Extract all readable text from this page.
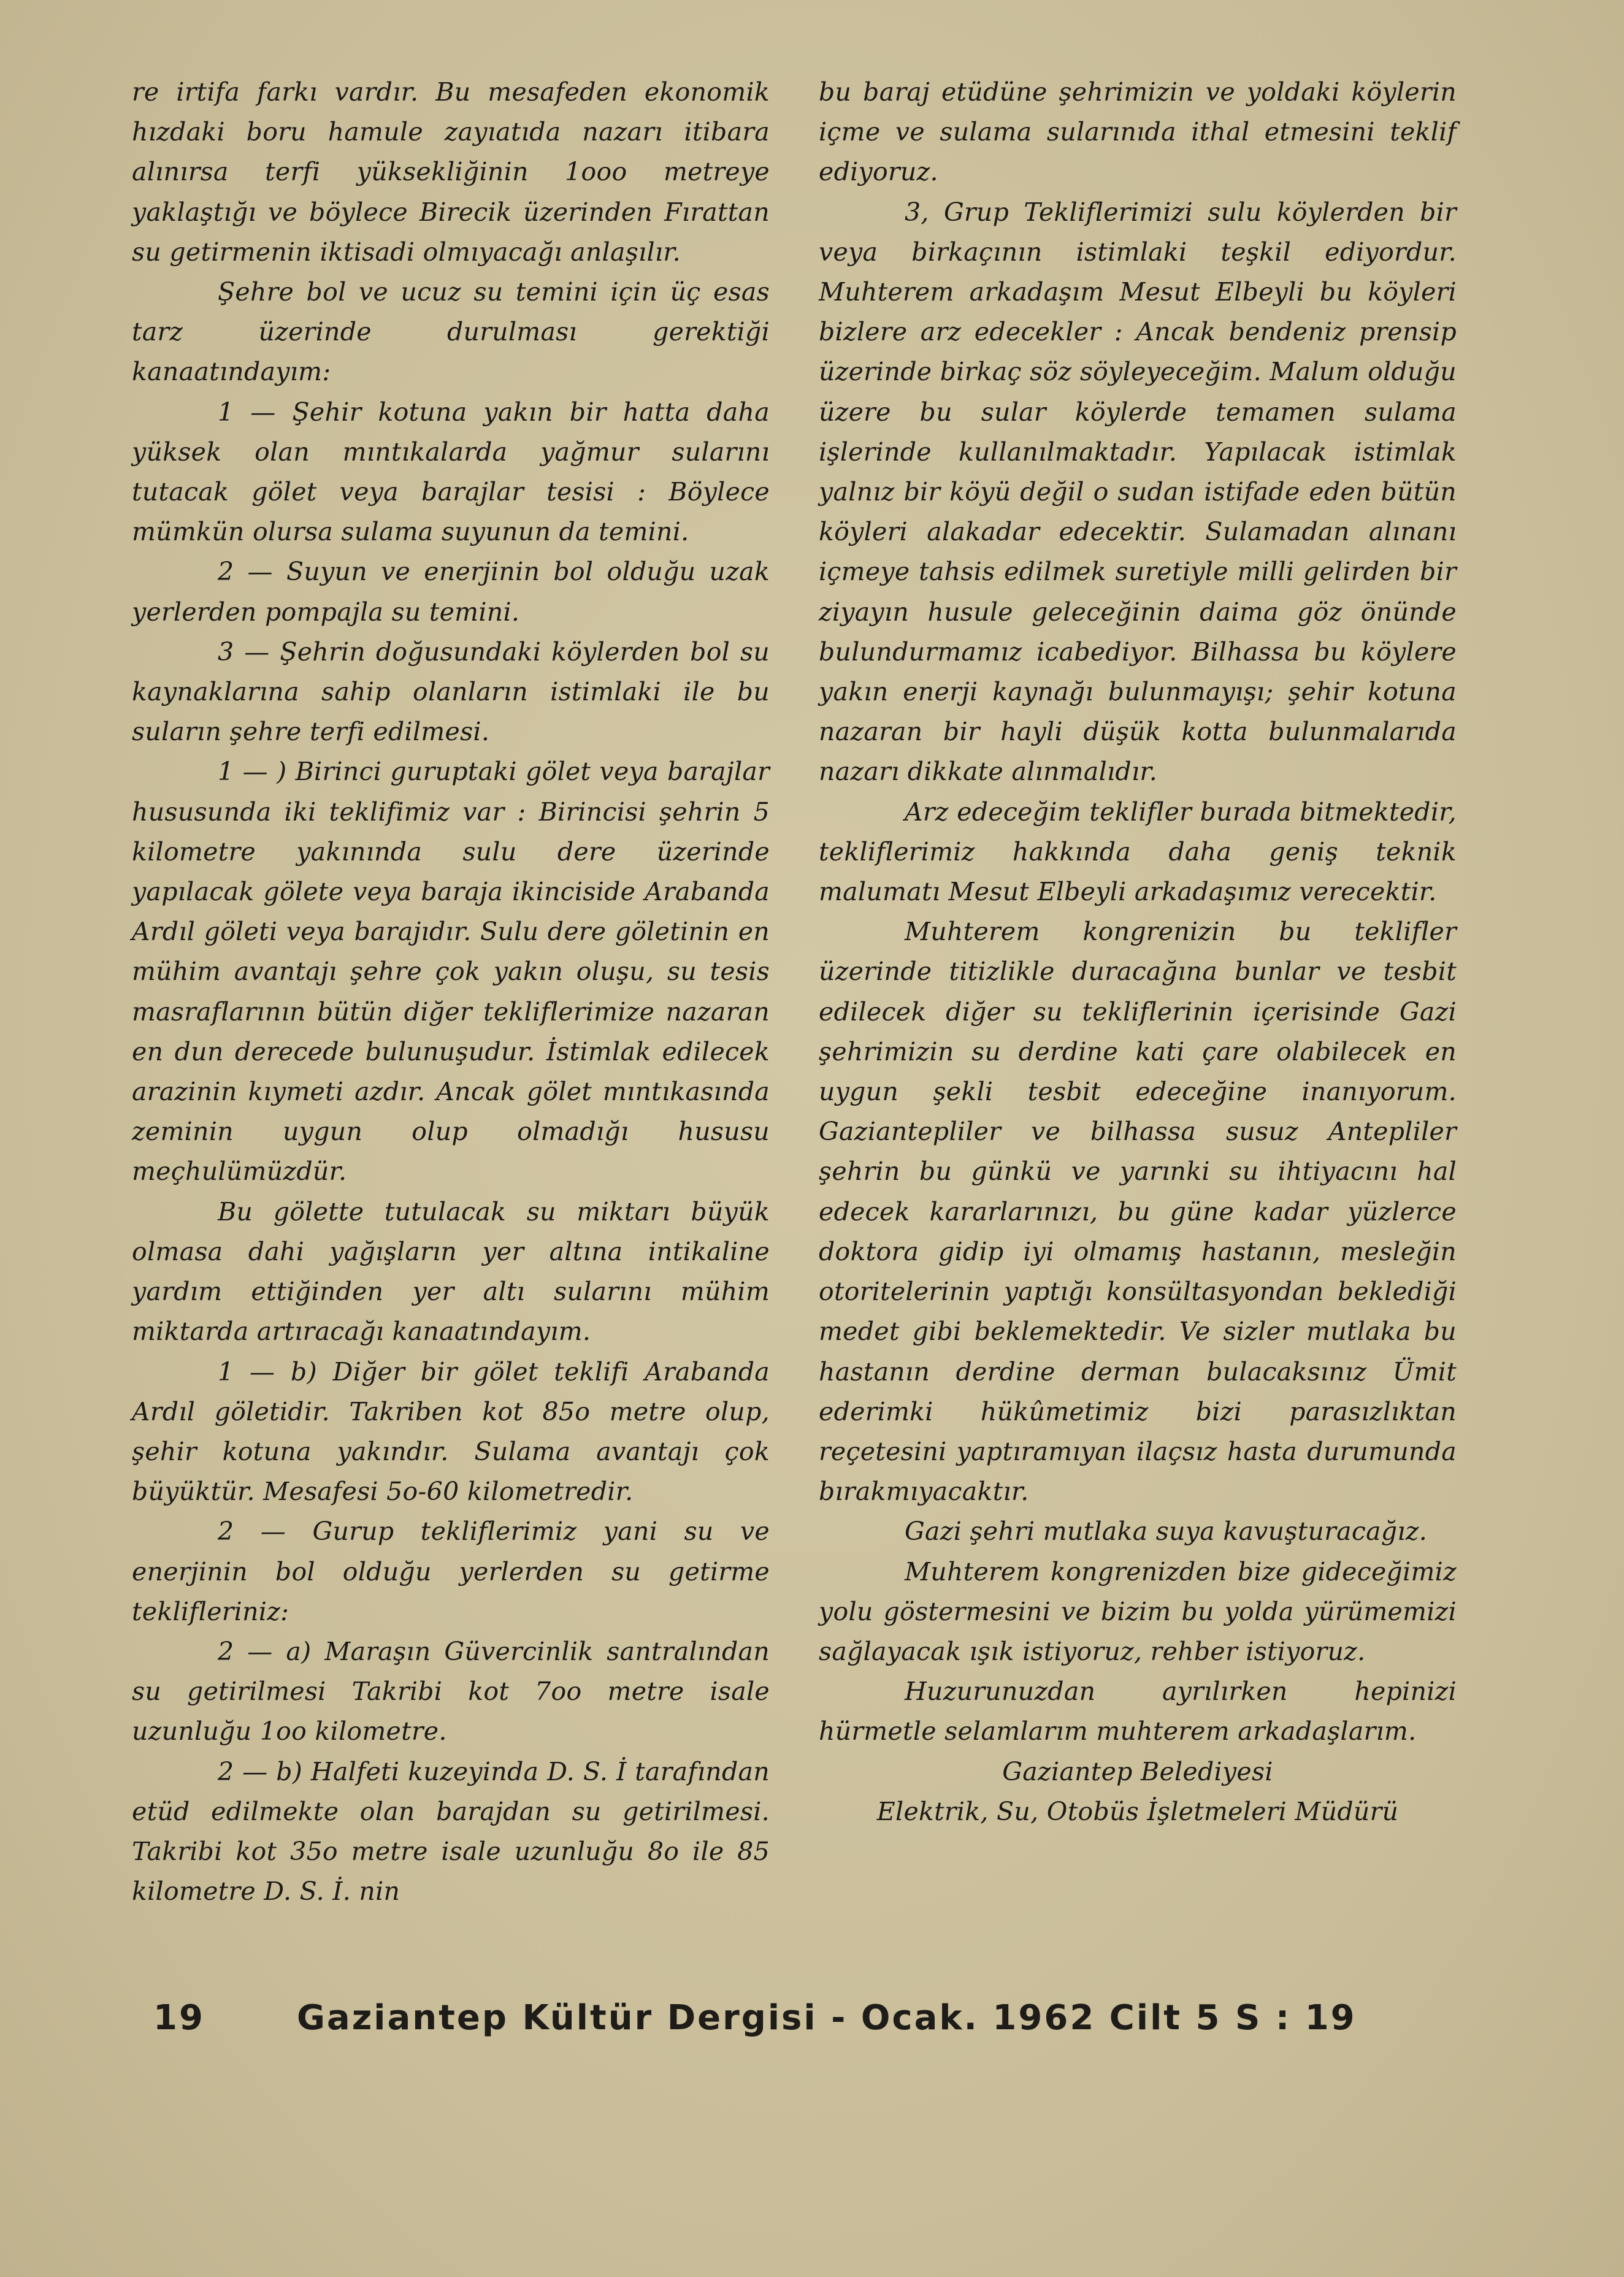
re irtifa farkı vardır. Bu mesafeden ekonomik hızdaki boru hamule zayıatıda nazarı itibara alınırsa terfi yüksekliğinin 1ooo metreye yaklaştığı ve böylece Birecik üzerinden Fırattan su getirmenin iktisadi olmıyacağı anlaşılır.

Şehre bol ve ucuz su temini için üç esas tarz üzerinde durulması gerektiği kanaatındayım:

1 — Şehir kotuna yakın bir hatta daha yüksek olan mıntıkalarda yağmur sularını tutacak gölet veya barajlar tesisi : Böylece mümkün olursa sulama suyunun da temini.

2 — Suyun ve enerjinin bol olduğu uzak yerlerden pompajla su temini.

3 — Şehrin doğusundaki köylerden bol su kaynaklarına sahip olanların istimlaki ile bu suların şehre terfi edilmesi.

1 — ) Birinci guruptaki gölet veya barajlar hususunda iki teklifimiz var : Birincisi şehrin 5 kilometre yakınında sulu dere üzerinde yapılacak gölete veya baraja ikinciside Arabanda Ardıl göleti veya barajıdır. Sulu dere göletinin en mühim avantajı şehre çok yakın oluşu, su tesis masraflarının bütün diğer tekliflerimize nazaran en dun derecede bulunuşudur. İstimlak edilecek arazinin kıymeti azdır. Ancak gölet mıntıkasında zeminin uygun olup olmadığı hususu meçhulümüzdür.

Bu gölette tutulacak su miktarı büyük olmasa dahi yağışların yer altına intikaline yardım ettiğinden yer altı sularını mühim miktarda artıracağı kanaatındayım.

1 — b) Diğer bir gölet teklifi Arabanda Ardıl göletidir. Takriben kot 85o metre olup, şehir kotuna yakındır. Sulama avantajı çok büyüktür. Mesafesi 5o-60 kilometredir.

2 — Gurup tekliflerimiz yani su ve enerjinin bol olduğu yerlerden su getirme teklifleriniz:

2 — a) Maraşın Güvercinlik santralından su getirilmesi Takribi kot 7oo metre isale uzunluğu 1oo kilometre.

2 — b) Halfeti kuzeyinda D. S. İ tarafından etüd edilmekte olan barajdan su getirilmesi. Takribi kot 35o metre isale uzunluğu 8o ile 85 kilometre D. S. İ. nin

bu baraj etüdüne şehrimizin ve yoldaki köylerin içme ve sulama sularınıda ithal etmesini teklif ediyoruz.

3, Grup Tekliflerimizi sulu köylerden bir veya birkaçının istimlaki teşkil ediyordur. Muhterem arkadaşım Mesut Elbeyli bu köyleri bizlere arz edecekler : Ancak bendeniz prensip üzerinde birkaç söz söyleyeceğim. Malum olduğu üzere bu sular köylerde temamen sulama işlerinde kullanılmaktadır. Yapılacak istimlak yalnız bir köyü değil o sudan istifade eden bütün köyleri alakadar edecektir. Sulamadan alınanı içmeye tahsis edilmek suretiyle milli gelirden bir ziyayın husule geleceğinin daima göz önünde bulundurmamız icabediyor. Bilhassa bu köylere yakın enerji kaynağı bulunmayışı; şehir kotuna nazaran bir hayli düşük kotta bulunmalarıda nazarı dikkate alınmalıdır.

Arz edeceğim teklifler burada bitmektedir, tekliflerimiz hakkında daha geniş teknik malumatı Mesut Elbeyli arkadaşımız verecektir.

Muhterem kongrenizin bu teklifler üzerinde titizlikle duracağına bunlar ve tesbit edilecek diğer su tekliflerinin içerisinde Gazi şehrimizin su derdine kati çare olabilecek en uygun şekli tesbit edeceğine inanıyorum. Gaziantepliler ve bilhassa susuz Antepliler şehrin bu günkü ve yarınki su ihtiyacını hal edecek kararlarınızı, bu güne kadar yüzlerce doktora gidip iyi olmamış hastanın, mesleğin otoritelerinin yaptığı konsültasyondan beklediği medet gibi beklemektedir. Ve sizler mutlaka bu hastanın derdine derman bulacaksınız Ümit ederimki hükûmetimiz bizi parasızlıktan reçetesini yaptıramıyan ilaçsız hasta durumunda bırakmıyacaktır.

Gazi şehri mutlaka suya kavuşturacağız.

Muhterem kongrenizden bize gideceğimiz yolu göstermesini ve bizim bu yolda yürümemizi sağlayacak ışık istiyoruz, rehber istiyoruz.

Huzurunuzdan ayrılırken hepinizi hürmetle selamlarım muhterem arkadaşlarım.

Gaziantep Belediyesi

Elektrik, Su, Otobüs İşletmeleri Müdürü

19	Gaziantep Kültür Dergisi - Ocak. 1962 Cilt 5 S : 19
